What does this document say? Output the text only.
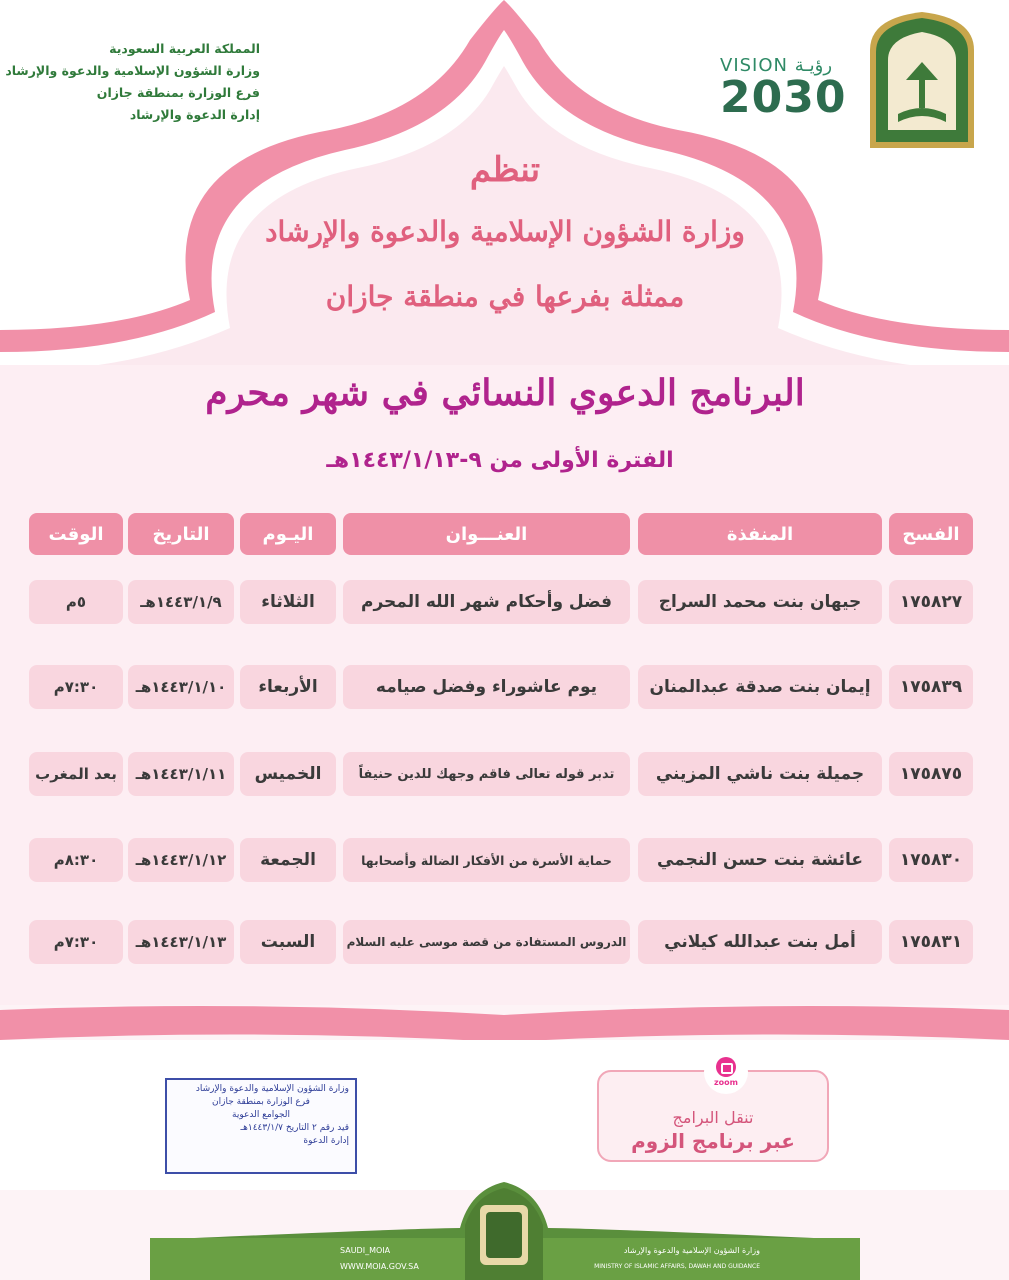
المملكة العربية السعودية
وزارة الشؤون الإسلامية والدعوة والإرشاد
فرع الوزارة بمنطقة جازان
إدارة الدعوة والإرشاد
VISION رؤيـة
2030
تنظم
وزارة الشؤون الإسلامية والدعوة والإرشاد
ممثلة بفرعها في منطقة جازان
البرنامج الدعوي النسائي في شهر محرم
الفترة الأولى من ٩-١٤٤٣/١/١٣هـ
الفسح
المنفذة
العنـــوان
اليـوم
التاريخ
الوقت
١٧٥٨٢٧
جيهان بنت محمد السراج
فضل وأحكام شهر الله المحرم
الثلاثاء
١٤٤٣/١/٩هـ
٥م
١٧٥٨٣٩
إيمان بنت صدقة عبدالمنان
يوم عاشوراء وفضل صيامه
الأربعاء
١٤٤٣/١/١٠هـ
٧:٣٠م
١٧٥٨٧٥
جميلة بنت ناشي المزيني
تدبر قوله تعالى فاقم وجهك للدين حنيفاً
الخميس
١٤٤٣/١/١١هـ
بعد المغرب
١٧٥٨٣٠
عائشة بنت حسن النجمي
حماية الأسرة من الأفكار الضالة وأصحابها
الجمعة
١٤٤٣/١/١٢هـ
٨:٣٠م
١٧٥٨٣١
أمل بنت عبدالله كيلاني
الدروس المستفادة من قصة موسى عليه السلام
السبت
١٤٤٣/١/١٣هـ
٧:٣٠م
وزارة الشؤون الإسلامية والدعوة والإرشاد
فرع الوزارة بمنطقة جازان
الجوامع الدعوية
قيد رقم ٢ التاريخ ١٤٤٣/١/٧هـ
إدارة الدعوة
تنقل البرامج
عبر برنامج الزوم
zoom
SAUDI_MOIA
WWW.MOIA.GOV.SA
وزارة الشؤون الإسلامية والدعوة والإرشاد
MINISTRY OF ISLAMIC AFFAIRS, DAWAH AND GUIDANCE
